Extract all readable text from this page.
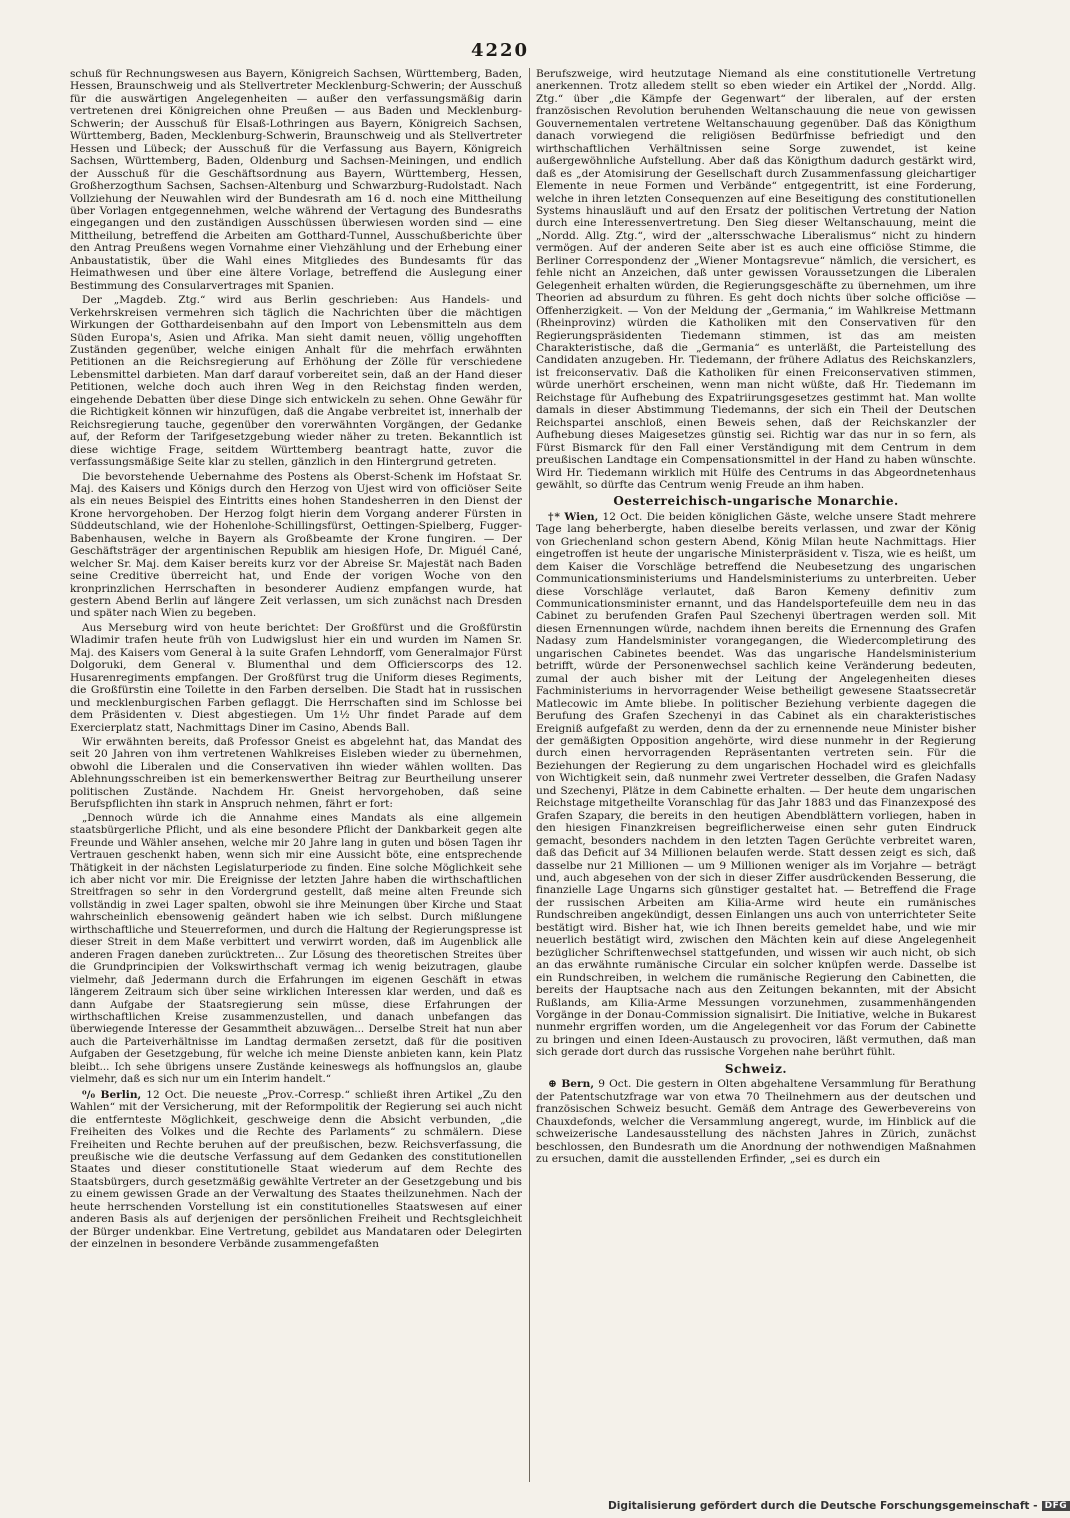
4220

schuß für Rechnungswesen aus Bayern, Königreich Sachsen, Württemberg, Baden, Hessen, Braunschweig und als Stellvertreter Mecklenburg-Schwerin; der Ausschuß für die auswärtigen Angelegenheiten — außer den verfassungsmäßig darin vertretenen drei Königreichen ohne Preußen — aus Baden und Mecklenburg-Schwerin; der Ausschuß für Elsaß-Lothringen aus Bayern, Königreich Sachsen, Württemberg, Baden, Mecklenburg-Schwerin, Braunschweig und als Stellvertreter Hessen und Lübeck; der Ausschuß für die Verfassung aus Bayern, Königreich Sachsen, Württemberg, Baden, Oldenburg und Sachsen-Meiningen, und endlich der Ausschuß für die Geschäftsordnung aus Bayern, Württemberg, Hessen, Großherzogthum Sachsen, Sachsen-Altenburg und Schwarzburg-Rudolstadt. Nach Vollziehung der Neuwahlen wird der Bundesrath am 16 d. noch eine Mittheilung über Vorlagen entgegennehmen, welche während der Vertagung des Bundesraths eingegangen und den zuständigen Ausschüssen überwiesen worden sind — eine Mittheilung, betreffend die Arbeiten am Gotthard-Tunnel, Ausschußberichte über den Antrag Preußens wegen Vornahme einer Viehzählung und der Erhebung einer Anbaustatistik, über die Wahl eines Mitgliedes des Bundesamts für das Heimathwesen und über eine ältere Vorlage, betreffend die Auslegung einer Bestimmung des Consularvertrages mit Spanien.

Der „Magdeb. Ztg.“ wird aus Berlin geschrieben: Aus Handels- und Verkehrskreisen vermehren sich täglich die Nachrichten über die mächtigen Wirkungen der Gotthardeisenbahn auf den Import von Lebensmitteln aus dem Süden Europa's, Asien und Afrika. Man sieht damit neuen, völlig ungehofften Zuständen gegenüber, welche einigen Anhalt für die mehrfach erwähnten Petitionen an die Reichsregierung auf Erhöhung der Zölle für verschiedene Lebensmittel darbieten. Man darf darauf vorbereitet sein, daß an der Hand dieser Petitionen, welche doch auch ihren Weg in den Reichstag finden werden, eingehende Debatten über diese Dinge sich entwickeln zu sehen. Ohne Gewähr für die Richtigkeit können wir hinzufügen, daß die Angabe verbreitet ist, innerhalb der Reichsregierung tauche, gegenüber den vorerwähnten Vorgängen, der Gedanke auf, der Reform der Tarifgesetzgebung wieder näher zu treten. Bekanntlich ist diese wichtige Frage, seitdem Württemberg beantragt hatte, zuvor die verfassungsmäßige Seite klar zu stellen, gänzlich in den Hintergrund getreten.

Die bevorstehende Uebernahme des Postens als Oberst-Schenk im Hofstaat Sr. Maj. des Kaisers und Königs durch den Herzog von Ujest wird von officiöser Seite als ein neues Beispiel des Eintritts eines hohen Standesherren in den Dienst der Krone hervorgehoben. Der Herzog folgt hierin dem Vorgang anderer Fürsten in Süddeutschland, wie der Hohenlohe-Schillingsfürst, Oettingen-Spielberg, Fugger-Babenhausen, welche in Bayern als Großbeamte der Krone fungiren. — Der Geschäftsträger der argentinischen Republik am hiesigen Hofe, Dr. Miguél Cané, welcher Sr. Maj. dem Kaiser bereits kurz vor der Abreise Sr. Majestät nach Baden seine Creditive überreicht hat, und Ende der vorigen Woche von den kronprinzlichen Herrschaften in besonderer Audienz empfangen wurde, hat gestern Abend Berlin auf längere Zeit verlassen, um sich zunächst nach Dresden und später nach Wien zu begeben.

Aus Merseburg wird von heute berichtet: Der Großfürst und die Großfürstin Wladimir trafen heute früh von Ludwigslust hier ein und wurden im Namen Sr. Maj. des Kaisers vom General à la suite Grafen Lehndorff, vom Generalmajor Fürst Dolgoruki, dem General v. Blumenthal und dem Officierscorps des 12. Husarenregiments empfangen. Der Großfürst trug die Uniform dieses Regiments, die Großfürstin eine Toilette in den Farben derselben. Die Stadt hat in russischen und mecklenburgischen Farben geflaggt. Die Herrschaften sind im Schlosse bei dem Präsidenten v. Diest abgestiegen. Um 1½ Uhr findet Parade auf dem Exercierplatz statt, Nachmittags Diner im Casino, Abends Ball.

Wir erwähnten bereits, daß Professor Gneist es abgelehnt hat, das Mandat des seit 20 Jahren von ihm vertretenen Wahlkreises Eisleben wieder zu übernehmen, obwohl die Liberalen und die Conservativen ihn wieder wählen wollten. Das Ablehnungsschreiben ist ein bemerkenswerther Beitrag zur Beurtheilung unserer politischen Zustände. Nachdem Hr. Gneist hervorgehoben, daß seine Berufspflichten ihn stark in Anspruch nehmen, fährt er fort:

„Dennoch würde ich die Annahme eines Mandats als eine allgemein staatsbürgerliche Pflicht, und als eine besondere Pflicht der Dankbarkeit gegen alte Freunde und Wähler ansehen, welche mir 20 Jahre lang in guten und bösen Tagen ihr Vertrauen geschenkt haben, wenn sich mir eine Aussicht böte, eine entsprechende Thätigkeit in der nächsten Legislaturperiode zu finden. Eine solche Möglichkeit sehe ich aber nicht vor mir. Die Ereignisse der letzten Jahre haben die wirthschaftlichen Streitfragen so sehr in den Vordergrund gestellt, daß meine alten Freunde sich vollständig in zwei Lager spalten, obwohl sie ihre Meinungen über Kirche und Staat wahrscheinlich ebensowenig geändert haben wie ich selbst. Durch mißlungene wirthschaftliche und Steuerreformen, und durch die Haltung der Regierungspresse ist dieser Streit in dem Maße verbittert und verwirrt worden, daß im Augenblick alle anderen Fragen daneben zurücktreten... Zur Lösung des theoretischen Streites über die Grundprincipien der Volkswirthschaft vermag ich wenig beizutragen, glaube vielmehr, daß Jedermann durch die Erfahrungen im eigenen Geschäft in etwas längerem Zeitraum sich über seine wirklichen Interessen klar werden, und daß es dann Aufgabe der Staatsregierung sein müsse, diese Erfahrungen der wirthschaftlichen Kreise zusammenzustellen, und danach unbefangen das überwiegende Interesse der Gesammtheit abzuwägen... Derselbe Streit hat nun aber auch die Parteiverhältnisse im Landtag dermaßen zersetzt, daß für die positiven Aufgaben der Gesetzgebung, für welche ich meine Dienste anbieten kann, kein Platz bleibt... Ich sehe übrigens unsere Zustände keineswegs als hoffnungslos an, glaube vielmehr, daß es sich nur um ein Interim handelt.“

⁰/₀ Berlin, 12 Oct. Die neueste „Prov.-Corresp.“ schließt ihren Artikel „Zu den Wahlen“ mit der Versicherung, mit der Reformpolitik der Regierung sei auch nicht die entfernteste Möglichkeit, geschweige denn die Absicht verbunden, „die Freiheiten des Volkes und die Rechte des Parlaments“ zu schmälern. Diese Freiheiten und Rechte beruhen auf der preußischen, bezw. Reichsverfassung, die preußische wie die deutsche Verfassung auf dem Gedanken des constitutionellen Staates und dieser constitutionelle Staat wiederum auf dem Rechte des Staatsbürgers, durch gesetzmäßig gewählte Vertreter an der Gesetzgebung und bis zu einem gewissen Grade an der Verwaltung des Staates theilzunehmen. Nach der heute herrschenden Vorstellung ist ein constitutionelles Staatswesen auf einer anderen Basis als auf derjenigen der persönlichen Freiheit und Rechtsgleichheit der Bürger undenkbar. Eine Vertretung, gebildet aus Mandataren oder Delegirten der einzelnen in besondere Verbände zusammengefaßten

Berufszweige, wird heutzutage Niemand als eine constitutionelle Vertretung anerkennen. Trotz alledem stellt so eben wieder ein Artikel der „Nordd. Allg. Ztg.“ über „die Kämpfe der Gegenwart“ der liberalen, auf der ersten französischen Revolution beruhenden Weltanschauung die neue von gewissen Gouvernementalen vertretene Weltanschauung gegenüber. Daß das Königthum danach vorwiegend die religiösen Bedürfnisse befriedigt und den wirthschaftlichen Verhältnissen seine Sorge zuwendet, ist keine außergewöhnliche Aufstellung. Aber daß das Königthum dadurch gestärkt wird, daß es „der Atomisirung der Gesellschaft durch Zusammenfassung gleichartiger Elemente in neue Formen und Verbände“ entgegentritt, ist eine Forderung, welche in ihren letzten Consequenzen auf eine Beseitigung des constitutionellen Systems hinausläuft und auf den Ersatz der politischen Vertretung der Nation durch eine Interessenvertretung. Den Sieg dieser Weltanschauung, meint die „Nordd. Allg. Ztg.“, wird der „altersschwache Liberalismus“ nicht zu hindern vermögen. Auf der anderen Seite aber ist es auch eine officiöse Stimme, die Berliner Correspondenz der „Wiener Montagsrevue“ nämlich, die versichert, es fehle nicht an Anzeichen, daß unter gewissen Voraussetzungen die Liberalen Gelegenheit erhalten würden, die Regierungsgeschäfte zu übernehmen, um ihre Theorien ad absurdum zu führen. Es geht doch nichts über solche officiöse — Offenherzigkeit. — Von der Meldung der „Germania,“ im Wahlkreise Mettmann (Rheinprovinz) würden die Katholiken mit den Conservativen für den Regierungspräsidenten Tiedemann stimmen, ist das am meisten Charakteristische, daß die „Germania“ es unterläßt, die Parteistellung des Candidaten anzugeben. Hr. Tiedemann, der frühere Adlatus des Reichskanzlers, ist freiconservativ. Daß die Katholiken für einen Freiconservativen stimmen, würde unerhört erscheinen, wenn man nicht wüßte, daß Hr. Tiedemann im Reichstage für Aufhebung des Expatriirungsgesetzes gestimmt hat. Man wollte damals in dieser Abstimmung Tiedemanns, der sich ein Theil der Deutschen Reichspartei anschloß, einen Beweis sehen, daß der Reichskanzler der Aufhebung dieses Maigesetzes günstig sei. Richtig war das nur in so fern, als Fürst Bismarck für den Fall einer Verständigung mit dem Centrum in dem preußischen Landtage ein Compensationsmittel in der Hand zu haben wünschte. Wird Hr. Tiedemann wirklich mit Hülfe des Centrums in das Abgeordnetenhaus gewählt, so dürfte das Centrum wenig Freude an ihm haben.

Oesterreichisch-ungarische Monarchie.

†* Wien, 12 Oct. Die beiden königlichen Gäste, welche unsere Stadt mehrere Tage lang beherbergte, haben dieselbe bereits verlassen, und zwar der König von Griechenland schon gestern Abend, König Milan heute Nachmittags. Hier eingetroffen ist heute der ungarische Ministerpräsident v. Tisza, wie es heißt, um dem Kaiser die Vorschläge betreffend die Neubesetzung des ungarischen Communicationsministeriums und Handelsministeriums zu unterbreiten. Ueber diese Vorschläge verlautet, daß Baron Kemeny definitiv zum Communicationsminister ernannt, und das Handelsportefeuille dem neu in das Cabinet zu berufenden Grafen Paul Szechenyi übertragen werden soll. Mit diesen Ernennungen würde, nachdem ihnen bereits die Ernennung des Grafen Nadasy zum Handelsminister vorangegangen, die Wiedercompletirung des ungarischen Cabinetes beendet. Was das ungarische Handelsministerium betrifft, würde der Personenwechsel sachlich keine Veränderung bedeuten, zumal der auch bisher mit der Leitung der Angelegenheiten dieses Fachministeriums in hervorragender Weise betheiligt gewesene Staatssecretär Matlecowic im Amte bliebe. In politischer Beziehung verbiente dagegen die Berufung des Grafen Szechenyi in das Cabinet als ein charakteristisches Ereigniß aufgefaßt zu werden, denn da der zu ernennende neue Minister bisher der gemäßigten Opposition angehörte, wird diese nunmehr in der Regierung durch einen hervorragenden Repräsentanten vertreten sein. Für die Beziehungen der Regierung zu dem ungarischen Hochadel wird es gleichfalls von Wichtigkeit sein, daß nunmehr zwei Vertreter desselben, die Grafen Nadasy und Szechenyi, Plätze in dem Cabinette erhalten. — Der heute dem ungarischen Reichstage mitgetheilte Voranschlag für das Jahr 1883 und das Finanzexposé des Grafen Szapary, die bereits in den heutigen Abendblättern vorliegen, haben in den hiesigen Finanzkreisen begreiflicherweise einen sehr guten Eindruck gemacht, besonders nachdem in den letzten Tagen Gerüchte verbreitet waren, daß das Deficit auf 34 Millionen belaufen werde. Statt dessen zeigt es sich, daß dasselbe nur 21 Millionen — um 9 Millionen weniger als im Vorjahre — beträgt und, auch abgesehen von der sich in dieser Ziffer ausdrückenden Besserung, die finanzielle Lage Ungarns sich günstiger gestaltet hat. — Betreffend die Frage der russischen Arbeiten am Kilia-Arme wird heute ein rumänisches Rundschreiben angekündigt, dessen Einlangen uns auch von unterrichteter Seite bestätigt wird. Bisher hat, wie ich Ihnen bereits gemeldet habe, und wie mir neuerlich bestätigt wird, zwischen den Mächten kein auf diese Angelegenheit bezüglicher Schriftenwechsel stattgefunden, und wissen wir auch nicht, ob sich an das erwähnte rumänische Circular ein solcher knüpfen werde. Dasselbe ist ein Rundschreiben, in welchem die rumänische Regierung den Cabinetten, die bereits der Hauptsache nach aus den Zeitungen bekannten, mit der Absicht Rußlands, am Kilia-Arme Messungen vorzunehmen, zusammenhängenden Vorgänge in der Donau-Commission signalisirt. Die Initiative, welche in Bukarest nunmehr ergriffen worden, um die Angelegenheit vor das Forum der Cabinette zu bringen und einen Ideen-Austausch zu provociren, läßt vermuthen, daß man sich gerade dort durch das russische Vorgehen nahe berührt fühlt.

Schweiz.

⊕ Bern, 9 Oct. Die gestern in Olten abgehaltene Versammlung für Berathung der Patentschutzfrage war von etwa 70 Theilnehmern aus der deutschen und französischen Schweiz besucht. Gemäß dem Antrage des Gewerbevereins von Chauxdefonds, welcher die Versammlung angeregt, wurde, im Hinblick auf die schweizerische Landesausstellung des nächsten Jahres in Zürich, zunächst beschlossen, den Bundesrath um die Anordnung der nothwendigen Maßnahmen zu ersuchen, damit die ausstellenden Erfinder, „sei es durch ein

Digitalisierung gefördert durch die Deutsche Forschungsgemeinschaft - DFG
